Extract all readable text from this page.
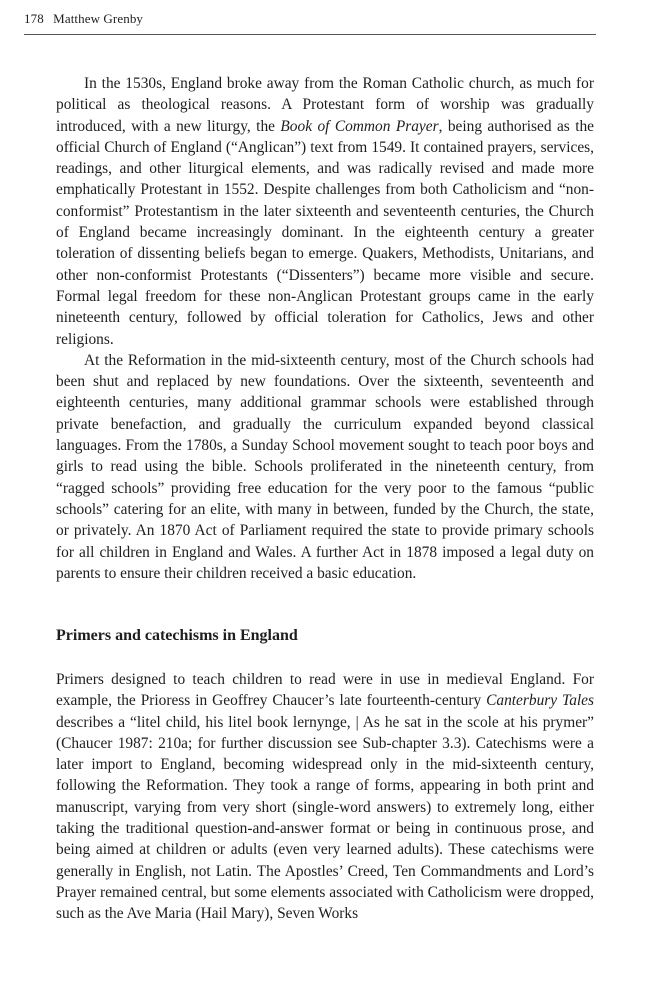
178 Matthew Grenby

In the 1530s, England broke away from the Roman Catholic church, as much for political as theological reasons. A Protestant form of worship was gradually introduced, with a new liturgy, the Book of Common Prayer, being authorised as the official Church of England (“Anglican”) text from 1549. It contained prayers, services, readings, and other liturgical elements, and was radically revised and made more emphatically Protestant in 1552. Despite challenges from both Catholicism and “non-conformist” Protestantism in the later sixteenth and seventeenth centuries, the Church of England became increasingly dominant. In the eighteenth century a greater toleration of dissenting beliefs began to emerge. Quakers, Methodists, Unitarians, and other non-conformist Protestants (“Dissenters”) became more visible and secure. Formal legal freedom for these non-Anglican Protestant groups came in the early nineteenth century, followed by official toleration for Catholics, Jews and other religions.

At the Reformation in the mid-sixteenth century, most of the Church schools had been shut and replaced by new foundations. Over the sixteenth, seventeenth and eighteenth centuries, many additional grammar schools were established through private benefaction, and gradually the curriculum expanded beyond classical languages. From the 1780s, a Sunday School movement sought to teach poor boys and girls to read using the bible. Schools proliferated in the nineteenth century, from “ragged schools” providing free education for the very poor to the famous “public schools” catering for an elite, with many in between, funded by the Church, the state, or privately. An 1870 Act of Parliament required the state to provide primary schools for all children in England and Wales. A further Act in 1878 imposed a legal duty on parents to ensure their children received a basic education.

Primers and catechisms in England

Primers designed to teach children to read were in use in medieval England. For example, the Prioress in Geoffrey Chaucer’s late fourteenth-century Canterbury Tales describes a “litel child, his litel book lernynge, | As he sat in the scole at his prymer” (Chaucer 1987: 210a; for further discussion see Sub-chapter 3.3). Catechisms were a later import to England, becoming widespread only in the mid-sixteenth century, following the Reformation. They took a range of forms, appearing in both print and manuscript, varying from very short (single-word answers) to extremely long, either taking the traditional question-and-answer format or being in continuous prose, and being aimed at children or adults (even very learned adults). These catechisms were generally in English, not Latin. The Apostles’ Creed, Ten Commandments and Lord’s Prayer remained central, but some elements associated with Catholicism were dropped, such as the Ave Maria (Hail Mary), Seven Works
